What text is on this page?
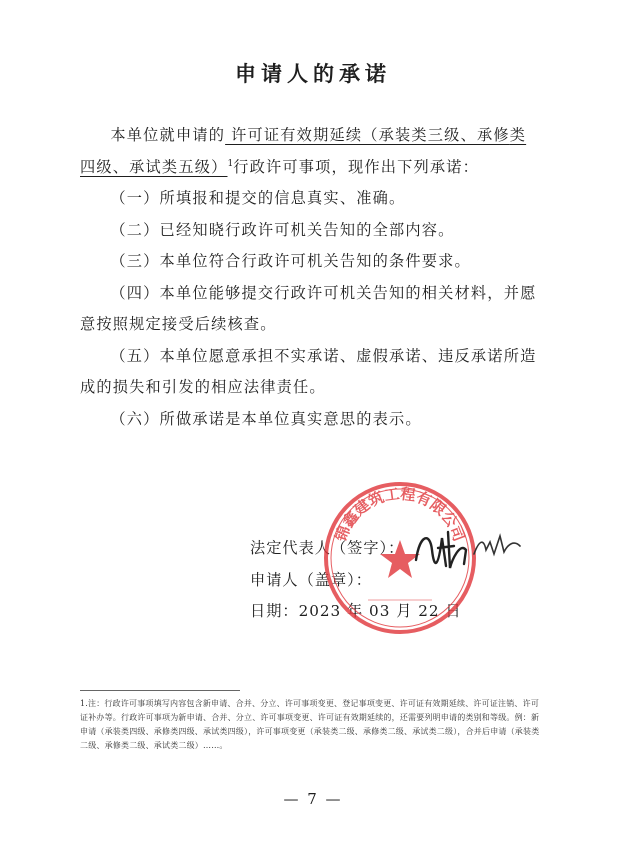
申请人的承诺

本单位就申请的 许可证有效期延续（承装类三级、承修类四级、承试类五级）$^1$行政许可事项，现作出下列承诺：

（一）所填报和提交的信息真实、准确。

（二）已经知晓行政许可机关告知的全部内容。

（三）本单位符合行政许可机关告知的条件要求。

（四）本单位能够提交行政许可机关告知的相关材料，并愿意按照规定接受后续核查。

（五）本单位愿意承担不实承诺、虚假承诺、违反承诺所造成的损失和引发的相应法律责任。

（六）所做承诺是本单位真实意思的表示。

法定代表人（签字）：
申请人（盖章）：
日期：2023 年 03 月 22 日
锦鑫建筑工程有限公司
1.注：行政许可事项填写内容包含新申请、合并、分立、许可事项变更、登记事项变更、许可证有效期延续、许可证注销、许可证补办等。行政许可事项为新申请、合并、分立、许可事项变更、许可证有效期延续的，还需要列明申请的类别和等级。例：新申请（承装类四级、承修类四级、承试类四级），许可事项变更（承装类二级、承修类二级、承试类二级），合并后申请（承装类二级、承修类二级、承试类二级）……。
— 7 —
